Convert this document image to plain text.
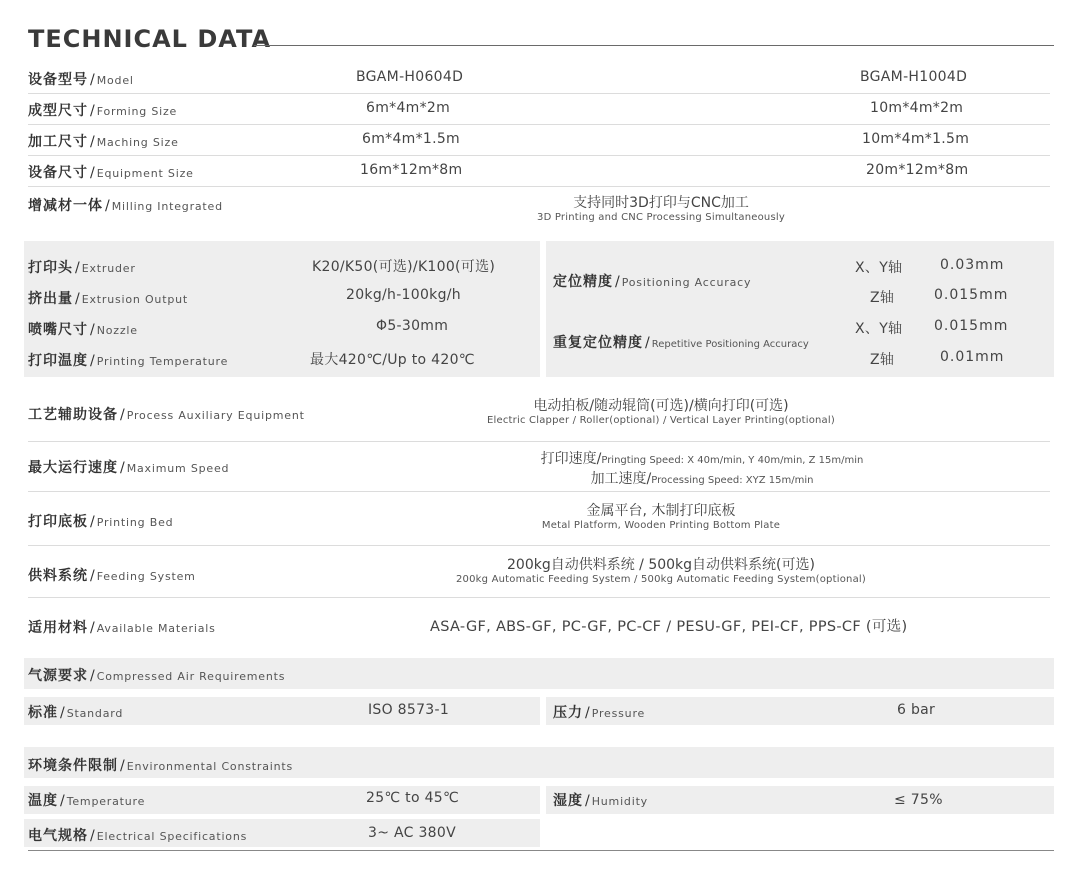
TECHNICAL DATA
设备型号 / Model	BGAM-H0604D	BGAM-H1004D
成型尺寸 / Forming Size	6m*4m*2m	10m*4m*2m
加工尺寸 / Maching Size	6m*4m*1.5m	10m*4m*1.5m
设备尺寸 / Equipment Size	16m*12m*8m	20m*12m*8m
增减材一体 / Milling Integrated	支持同时3D打印与CNC加工
3D Printing and CNC Processing Simultaneously
打印头 / Extruder	K20/K50(可选)/K100(可选)
挤出量 / Extrusion Output	20kg/h-100kg/h
喷嘴尺寸 / Nozzle	Φ5-30mm
打印温度 / Printing Temperature	最大420℃/Up to 420℃
定位精度 / Positioning Accuracy
X、Y轴	0.03mm
Z轴	0.015mm
重复定位精度 / Repetitive Positioning Accuracy
X、Y轴 0.015mm
Z轴	0.01mm
工艺辅助设备 / Process Auxiliary Equipment
电动拍板/随动辊筒(可选)/横向打印(可选)
Electric Clapper / Roller(optional) / Vertical Layer Printing(optional)
最大运行速度 / Maximum Speed
打印速度/Pringting Speed: X 40m/min, Y 40m/min, Z 15m/min
加工速度/Processing Speed: XYZ 15m/min
打印底板 / Printing Bed
金属平台, 木制打印底板
Metal Platform, Wooden Printing Bottom Plate
供料系统 / Feeding System
200kg自动供料系统 / 500kg自动供料系统(可选)
200kg Automatic Feeding System / 500kg Automatic Feeding System(optional)
适用材料 / Available Materials	ASA-GF, ABS-GF, PC-GF, PC-CF / PESU-GF, PEI-CF, PPS-CF (可选)
气源要求 / Compressed Air Requirements
标准 / Standard	ISO 8573-1	压力 / Pressure	6 bar
环境条件限制 / Environmental Constraints
温度 / Temperature	25℃ to 45℃	湿度 / Humidity	≤ 75%
电气规格 / Electrical Specifications	3~ AC 380V
